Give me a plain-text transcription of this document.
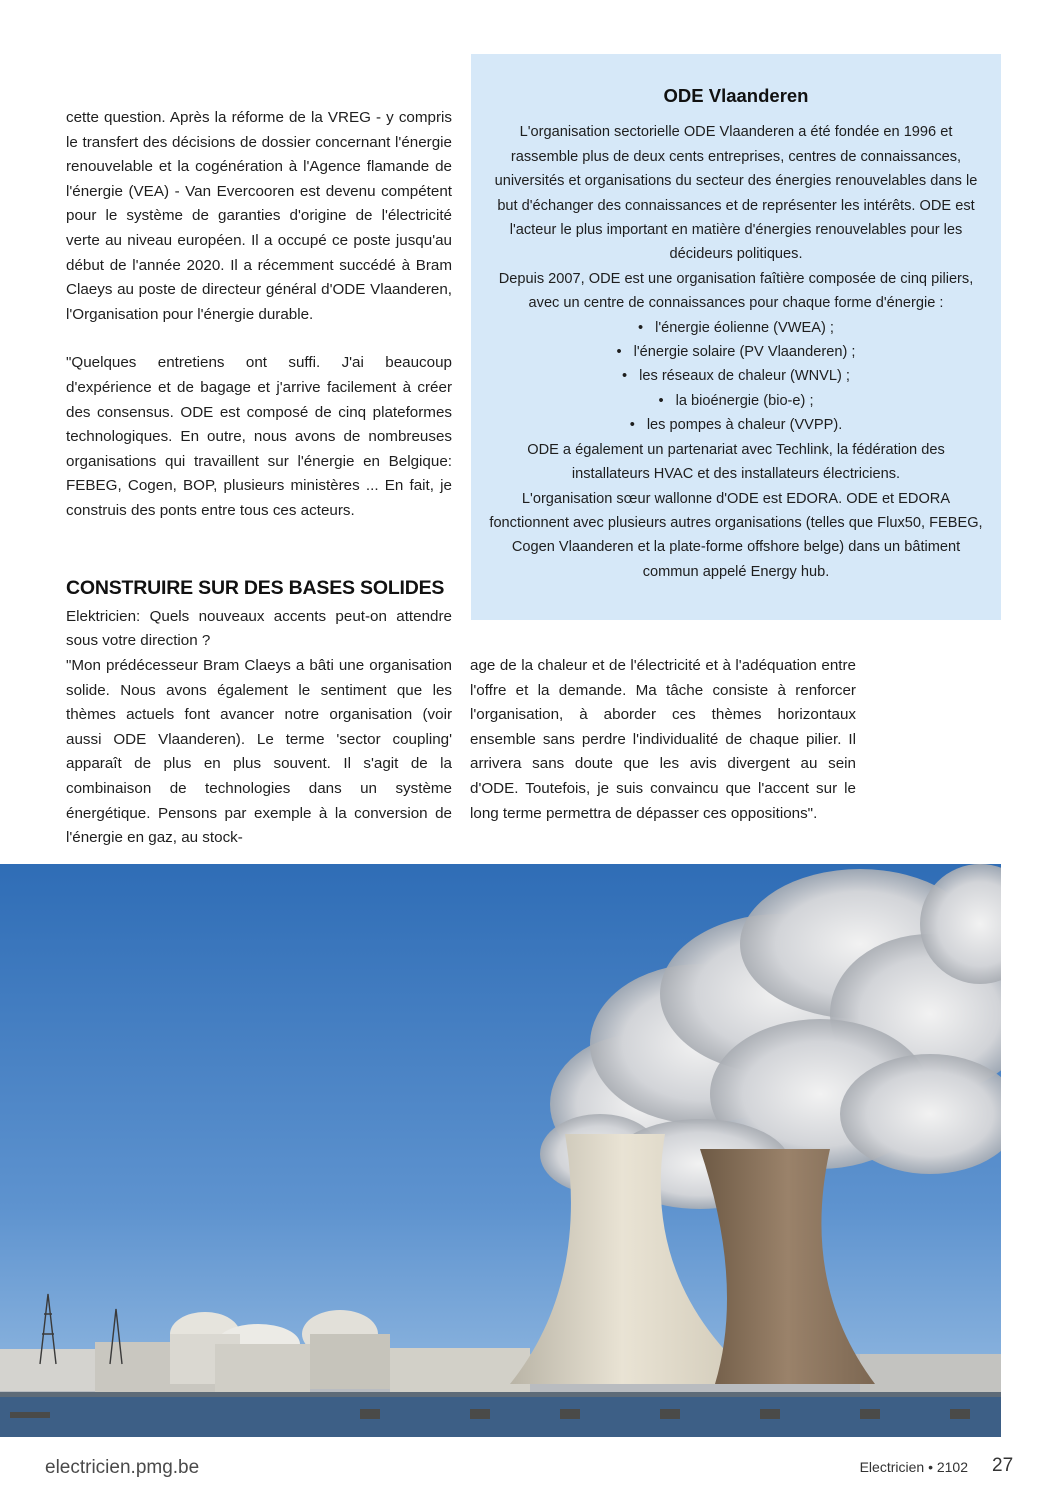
cette question. Après la réforme de la VREG - y compris le transfert des décisions de dossier concernant l'énergie renouvelable et la cogénération à l'Agence flamande de l'énergie (VEA) - Van Evercooren est devenu compétent pour le système de garanties d'origine de l'électricité verte au niveau européen. Il a occupé ce poste jusqu'au début de l'année 2020. Il a récemment succédé à Bram Claeys au poste de directeur général d'ODE Vlaanderen, l'Organisation pour l'énergie durable.

"Quelques entretiens ont suffi. J'ai beaucoup d'expérience et de bagage et j'arrive facilement à créer des consensus. ODE est composé de cinq plateformes technologiques. En outre, nous avons de nombreuses organisations qui travaillent sur l'énergie en Belgique: FEBEG, Cogen, BOP, plusieurs ministères ... En fait, je construis des ponts entre tous ces acteurs.

CONSTRUIRE SUR DES BASES SOLIDES
Elektricien: Quels nouveaux accents peut-on attendre sous votre direction ?

"Mon prédécesseur Bram Claeys a bâti une organisation solide. Nous avons également le sentiment que les thèmes actuels font avancer notre organisation (voir aussi ODE Vlaanderen). Le terme 'sector coupling' apparaît de plus en plus souvent. Il s'agit de la combinaison de technologies dans un système énergétique. Pensons par exemple à la conversion de l'énergie en gaz, au stock-

age de la chaleur et de l'électricité et à l'adéquation entre l'offre et la demande. Ma tâche consiste à renforcer l'organisation, à aborder ces thèmes horizontaux ensemble sans perdre l'individualité de chaque pilier. Il arrivera sans doute que les avis divergent au sein d'ODE. Toutefois, je suis convaincu que l'accent sur le long terme permettra de dépasser ces oppositions".

ODE Vlaanderen

L'organisation sectorielle ODE Vlaanderen a été fondée en 1996 et rassemble plus de deux cents entreprises, centres de connaissances, universités et organisations du secteur des énergies renouvelables dans le but d'échanger des connaissances et de représenter les intérêts. ODE est l'acteur le plus important en matière d'énergies renouvelables pour les décideurs politiques.

Depuis 2007, ODE est une organisation faîtière composée de cinq piliers, avec un centre de connaissances pour chaque forme d'énergie :

• l'énergie éolienne (VWEA) ;
• l'énergie solaire (PV Vlaanderen) ;
• les réseaux de chaleur (WNVL) ;
• la bioénergie (bio-e) ;
• les pompes à chaleur (VVPP).

ODE a également un partenariat avec Techlink, la fédération des installateurs HVAC et des installateurs électriciens.

L'organisation sœur wallonne d'ODE est EDORA. ODE et EDORA fonctionnent avec plusieurs autres organisations (telles que Flux50, FEBEG, Cogen Vlaanderen et la plate-forme offshore belge) dans un bâtiment commun appelé Energy hub.

electricien.pmg.be	Electricien • 2102 27
